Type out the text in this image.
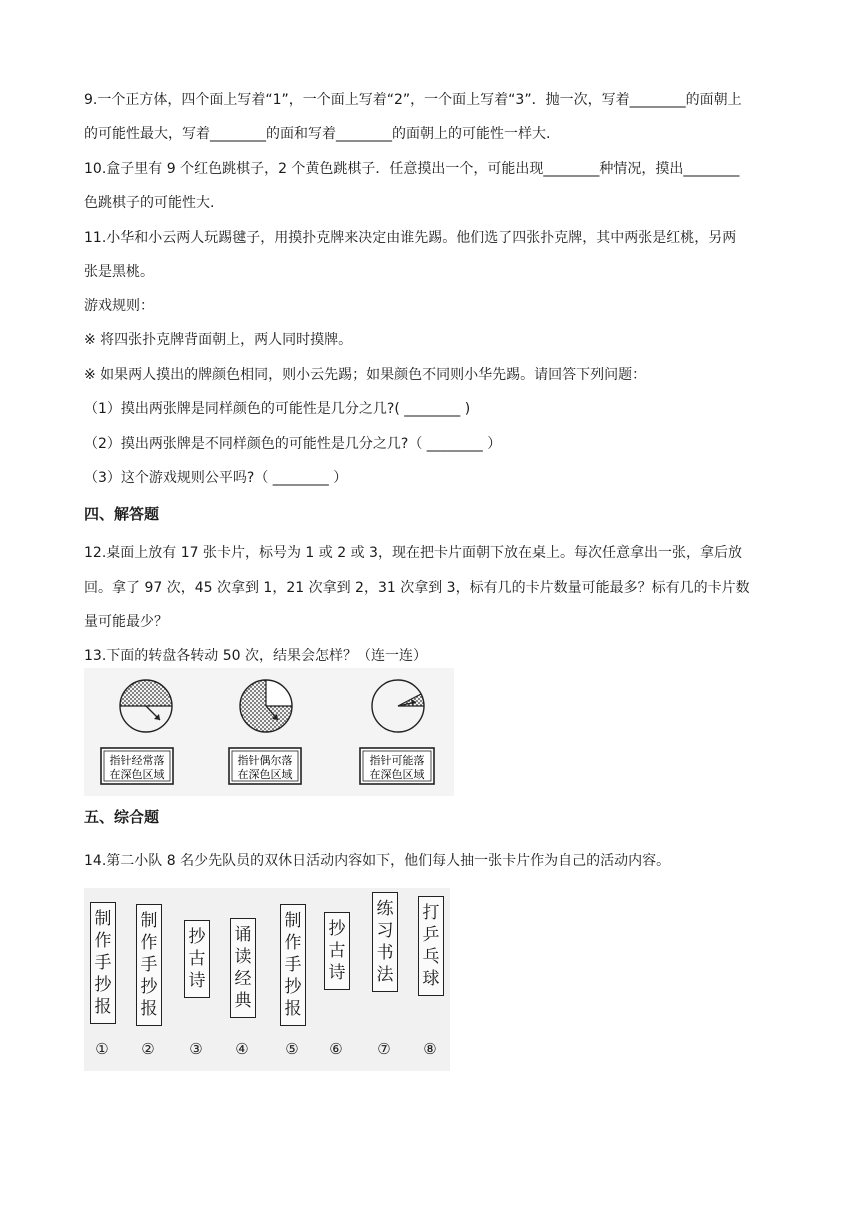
9.一个正方体，四个面上写着“1”，一个面上写着“2”，一个面上写着“3”．抛一次，写着________的面朝上
的可能性最大，写着________的面和写着________的面朝上的可能性一样大.
10.盒子里有 9 个红色跳棋子，2 个黄色跳棋子．任意摸出一个，可能出现________种情况，摸出________
色跳棋子的可能性大.
11.小华和小云两人玩踢毽子，用摸扑克牌来决定由谁先踢。他们选了四张扑克牌，其中两张是红桃，另两
张是黑桃。
游戏规则：
※ 将四张扑克牌背面朝上，两人同时摸牌。
※ 如果两人摸出的牌颜色相同，则小云先踢；如果颜色不同则小华先踢。请回答下列问题：
（1）摸出两张牌是同样颜色的可能性是几分之几?( ________ )
（2）摸出两张牌是不同样颜色的可能性是几分之几?（ ________ ）
（3）这个游戏规则公平吗?（ ________ ）
四、解答题
12.桌面上放有 17 张卡片，标号为 1 或 2 或 3，现在把卡片面朝下放在桌上。每次任意拿出一张，拿后放
回。拿了 97 次，45 次拿到 1，21 次拿到 2，31 次拿到 3，标有几的卡片数量可能最多？标有几的卡片数
量可能最少？
13.下面的转盘各转动 50 次，结果会怎样？（连一连）
指针经常落
在深色区域
指针偶尔落
在深色区域
指针可能落
在深色区域
五、综合题
14.第二小队 8 名少先队员的双休日活动内容如下，他们每人抽一张卡片作为自己的活动内容。
制作手抄报
①
制作手抄报
②
抄古诗
③
诵读经典
④
制作手抄报
⑤
抄古诗
⑥
练习书法
⑦
打乒乓球
⑧
